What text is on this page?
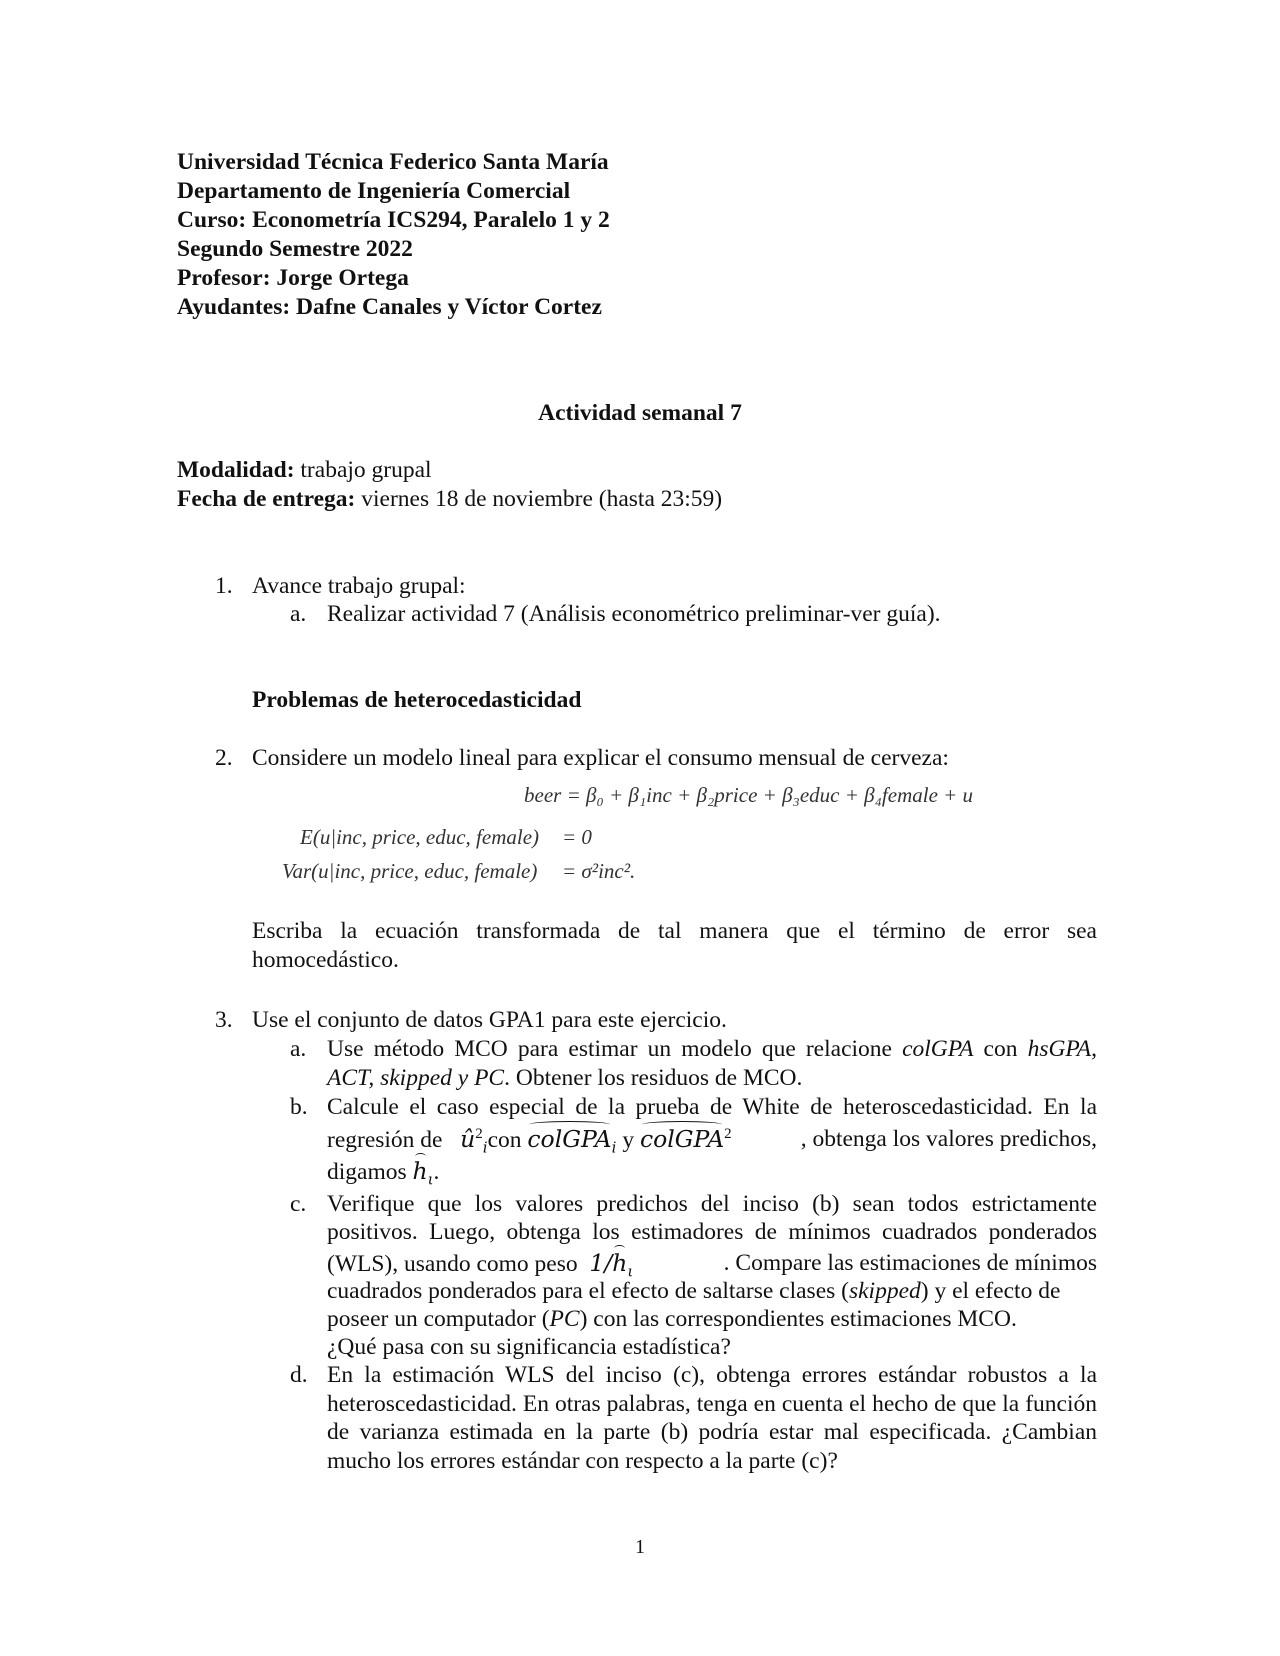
Universidad Técnica Federico Santa María
Departamento de Ingeniería Comercial
Curso: Econometría ICS294, Paralelo 1 y 2
Segundo Semestre 2022
Profesor: Jorge Ortega
Ayudantes: Dafne Canales y Víctor Cortez
Actividad semanal 7
Modalidad: trabajo grupal
Fecha de entrega: viernes 18 de noviembre (hasta 23:59)
1. Avance trabajo grupal:
a. Realizar actividad 7 (Análisis econométrico preliminar-ver guía).
Problemas de heterocedasticidad
2. Considere un modelo lineal para explicar el consumo mensual de cerveza:
beer = β₀ + β₁inc + β₂price + β₃educ + β₄female + u
E(u|inc, price, educ, female) = 0
Var(u|inc, price, educ, female) = σ²inc².
Escriba la ecuación transformada de tal manera que el término de error sea homocedástico.
3. Use el conjunto de datos GPA1 para este ejercicio.
a. Use método MCO para estimar un modelo que relacione colGPA con hsGPA, ACT, skipped y PC. Obtener los residuos de MCO.
b. Calcule el caso especial de la prueba de White de heteroscedasticidad. En la
regresión de $û^2_icon$ colGPA$_i$ y colGPA$^2$	, obtenga los valores predichos,
digamos $h_\iota$.
c. Verifique que los valores predichos del inciso (b) sean todos estrictamente
positivos. Luego, obtenga los estimadores de mínimos cuadrados ponderados
(WLS), usando como peso $1/h_\iota$	. Compare las estimaciones de mínimos
cuadrados ponderados para el efecto de saltarse clases (skipped) y el efecto de
poseer un computador (PC) con las correspondientes estimaciones MCO.
¿Qué pasa con su significancia estadística?
d. En la estimación WLS del inciso (c), obtenga errores estándar robustos a la heteroscedasticidad. En otras palabras, tenga en cuenta el hecho de que la función de varianza estimada en la parte (b) podría estar mal especificada. ¿Cambian mucho los errores estándar con respecto a la parte (c)?
1
